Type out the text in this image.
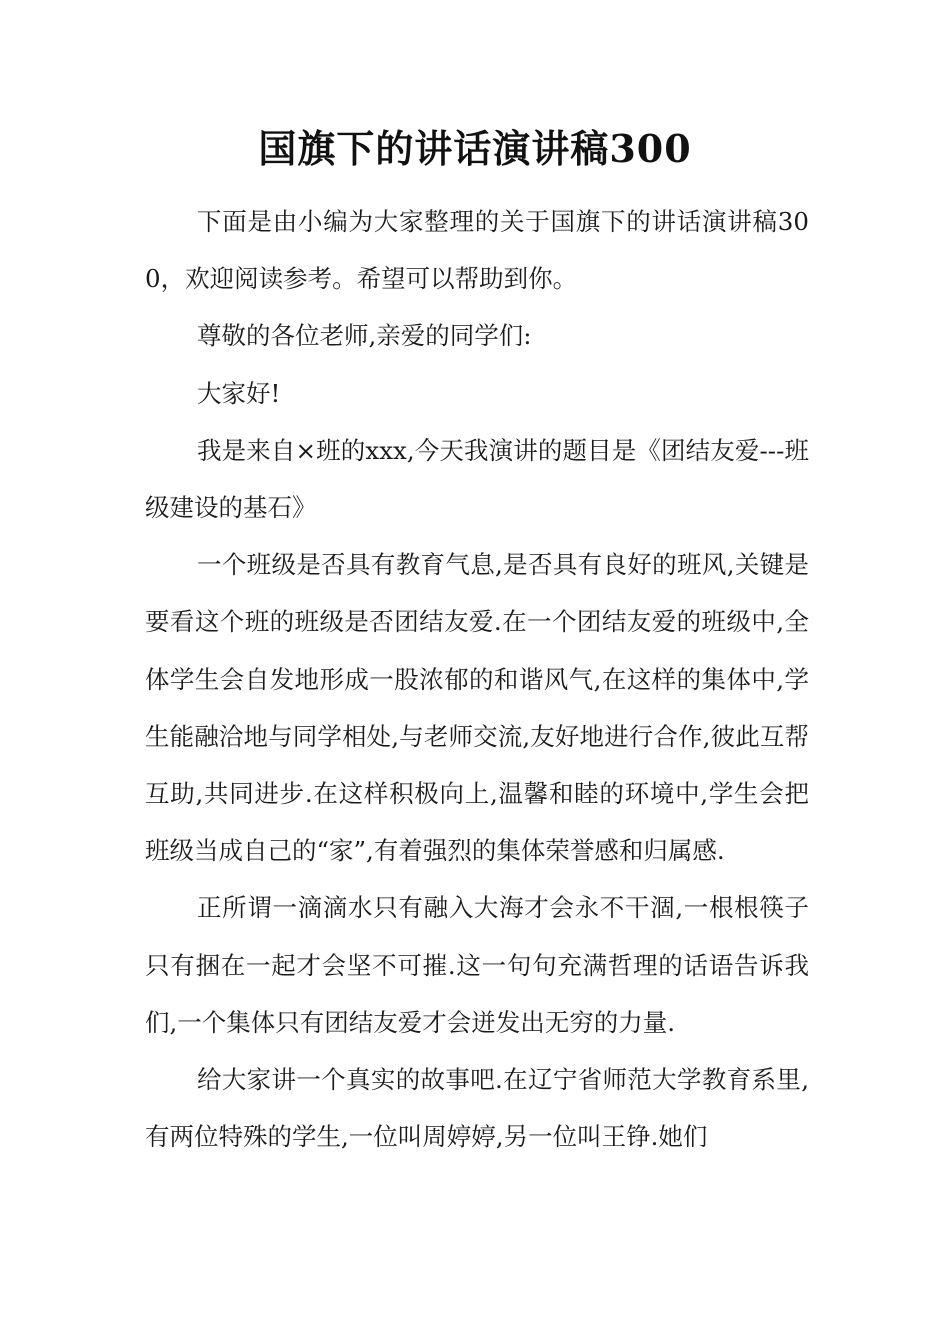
国旗下的讲话演讲稿300

下面是由小编为大家整理的关于国旗下的讲话演讲稿300，欢迎阅读参考。希望可以帮助到你。

尊敬的各位老师,亲爱的同学们:

大家好!

我是来自×班的xxx,今天我演讲的题目是《团结友爱---班级建设的基石》

一个班级是否具有教育气息,是否具有良好的班风,关键是要看这个班的班级是否团结友爱.在一个团结友爱的班级中,全体学生会自发地形成一股浓郁的和谐风气,在这样的集体中,学生能融洽地与同学相处,与老师交流,友好地进行合作,彼此互帮互助,共同进步.在这样积极向上,温馨和睦的环境中,学生会把班级当成自己的“家”,有着强烈的集体荣誉感和归属感.

正所谓一滴滴水只有融入大海才会永不干涸,一根根筷子只有捆在一起才会坚不可摧.这一句句充满哲理的话语告诉我们,一个集体只有团结友爱才会迸发出无穷的力量.

给大家讲一个真实的故事吧.在辽宁省师范大学教育系里,有两位特殊的学生,一位叫周婷婷,另一位叫王铮.她们
